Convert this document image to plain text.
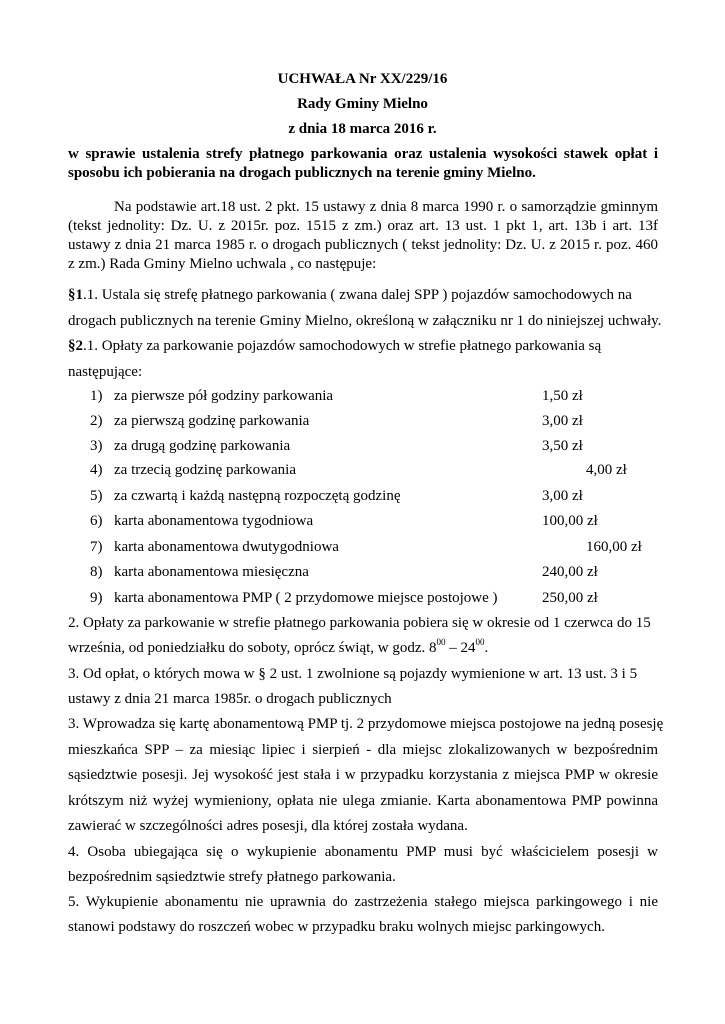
UCHWAŁA Nr XX/229/16
Rady Gminy Mielno
z dnia 18 marca 2016 r.
w sprawie ustalenia strefy płatnego parkowania oraz ustalenia wysokości stawek opłat i sposobu ich pobierania na drogach publicznych na terenie gminy Mielno.
Na podstawie art.18 ust. 2 pkt. 15 ustawy z dnia 8 marca 1990 r. o samorządzie gminnym (tekst jednolity: Dz. U. z 2015r. poz. 1515 z zm.) oraz art. 13 ust. 1 pkt 1, art. 13b i art. 13f ustawy z dnia 21 marca 1985 r. o drogach publicznych ( tekst jednolity: Dz. U. z 2015 r. poz. 460 z zm.) Rada Gminy Mielno uchwala , co następuje:
§1.1. Ustala się strefę płatnego parkowania ( zwana dalej SPP ) pojazdów samochodowych na
drogach publicznych na terenie Gminy Mielno, określoną w załączniku nr 1 do niniejszej uchwały.
§2.1. Opłaty za parkowanie pojazdów samochodowych w strefie płatnego parkowania są
następujące:
1) za pierwsze pół godziny parkowania	1,50 zł
2) za pierwszą godzinę parkowania	3,00 zł
3) za drugą godzinę parkowania	3,50 zł
4) za trzecią godzinę parkowania	4,00 zł
5) za czwartą i każdą następną rozpoczętą godzinę	3,00 zł
6) karta abonamentowa tygodniowa	100,00 zł
7) karta abonamentowa dwutygodniowa	160,00 zł
8) karta abonamentowa miesięczna	240,00 zł
9) karta abonamentowa PMP ( 2 przydomowe miejsce postojowe )	250,00 zł
2. Opłaty za parkowanie w strefie płatnego parkowania pobiera się w okresie od 1 czerwca do 15
września, od poniedziałku do soboty, oprócz świąt, w godz. $8^{00} - 24^{00}$.
3. Od opłat, o których mowa w § 2 ust. 1 zwolnione są pojazdy wymienione w art. 13 ust. 3 i 5
ustawy z dnia 21 marca 1985r. o drogach publicznych
3. Wprowadza się kartę abonamentową PMP tj. 2 przydomowe miejsca postojowe na jedną posesję
mieszkańca SPP – za miesiąc lipiec i sierpień - dla miejsc zlokalizowanych w bezpośrednim
sąsiedztwie posesji. Jej wysokość jest stała i w przypadku korzystania z miejsca PMP w okresie
krótszym niż wyżej wymieniony, opłata nie ulega zmianie. Karta abonamentowa PMP powinna
zawierać w szczególności adres posesji, dla której została wydana.
4. Osoba ubiegająca się o wykupienie abonamentu PMP musi być właścicielem posesji w
bezpośrednim sąsiedztwie strefy płatnego parkowania.
5. Wykupienie abonamentu nie uprawnia do zastrzeżenia stałego miejsca parkingowego i nie
stanowi podstawy do roszczeń wobec w przypadku braku wolnych miejsc parkingowych.
